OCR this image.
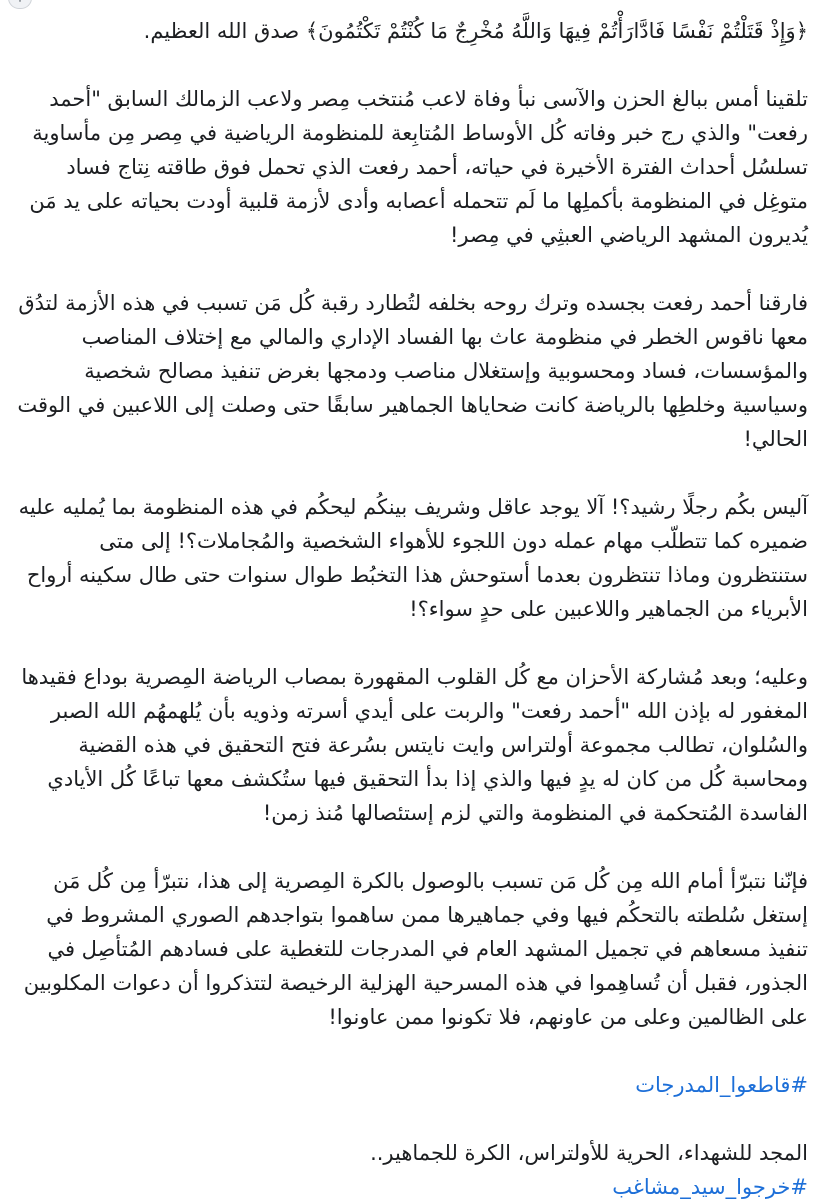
﴿وَإِذْ قَتَلْتُمْ نَفْسًا فَادَّارَأْتُمْ فِيهَا وَاللَّهُ مُخْرِجٌ مَا كُنْتُمْ تَكْتُمُونَ﴾ صدق الله العظيم.

تلقينا أمس ببالغ الحزن والآسى نبأ وفاة لاعب مُنتخب مِصر ولاعب الزمالك السابق "أحمد رفعت" والذي رج خبر وفاته كُل الأوساط المُتابِعة للمنظومة الرياضية في مِصر مِن مأساوية تسلسُل أحداث الفترة الأخيرة في حياته، أحمد رفعت الذي تحمل فوق طاقته نِتاج فساد متوغِل في المنظومة بأكملِها ما لَم تتحمله أعصابه وأدى لأزمة قلبية أودت بحياته على يد مَن يُديرون المشهد الرياضي العبثِي في مِصر!

فارقنا أحمد رفعت بجسده وترك روحه بخلفه لتُطارد رقبة كُل مَن تسبب في هذه الأزمة لتدُق معها ناقوس الخطر في منظومة عاث بها الفساد الإداري والمالي مع إختلاف المناصب والمؤسسات، فساد ومحسوبية وإستغلال مناصب ودمجها بغرض تنفيذ مصالح شخصية وسياسية وخلطِها بالرياضة كانت ضحاياها الجماهير سابقًا حتى وصلت إلى اللاعبين في الوقت الحالي!

آليس بكُم رجلًا رشيد؟! آلا يوجد عاقل وشريف بينكُم ليحكُم في هذه المنظومة بما يُمليه عليه ضميره كما تتطلّب مهام عمله دون اللجوء للأهواء الشخصية والمُجاملات؟! إلى متى ستنتظرون وماذا تنتظرون بعدما أستوحش هذا التخبُط طوال سنوات حتى طال سكينه أرواح الأبرياء من الجماهير واللاعبين على حدٍ سواء؟!

وعليه؛ وبعد مُشاركة الأحزان مع كُل القلوب المقهورة بمصاب الرياضة المِصرية بوداع فقيدها المغفور له بإذن الله "أحمد رفعت" والربت على أيدي أسرته وذويه بأن يُلهمهُم الله الصبر والسُلوان، تطالب مجموعة أولتراس وايت نايتس بسُرعة فتح التحقيق في هذه القضية ومحاسبة كُل من كان له يدٍ فيها والذي إذا بدأ التحقيق فيها ستُكشف معها تباعًا كُل الأيادي الفاسدة المُتحكمة في المنظومة والتي لزم إستئصالها مُنذ زمن!

فإنّنا نتبرّأ أمام الله مِن كُل مَن تسبب بالوصول بالكرة المِصرية إلى هذا، نتبرّأ مِن كُل مَن إستغل سُلطته بالتحكُم فيها وفي جماهيرها ممن ساهموا بتواجدهم الصوري المشروط في تنفيذ مسعاهم في تجميل المشهد العام في المدرجات للتغطية على فسادهم المُتأصِل في الجذور، فقبل أن تُساهِموا في هذه المسرحية الهزلية الرخيصة لتتذكروا أن دعوات المكلوبين على الظالمين وعلى من عاونهم، فلا تكونوا ممن عاونوا!

#قاطعوا_المدرجات

المجد للشهداء، الحرية للأولتراس، الكرة للجماهير..

#خرجوا_سيد_مشاغب
